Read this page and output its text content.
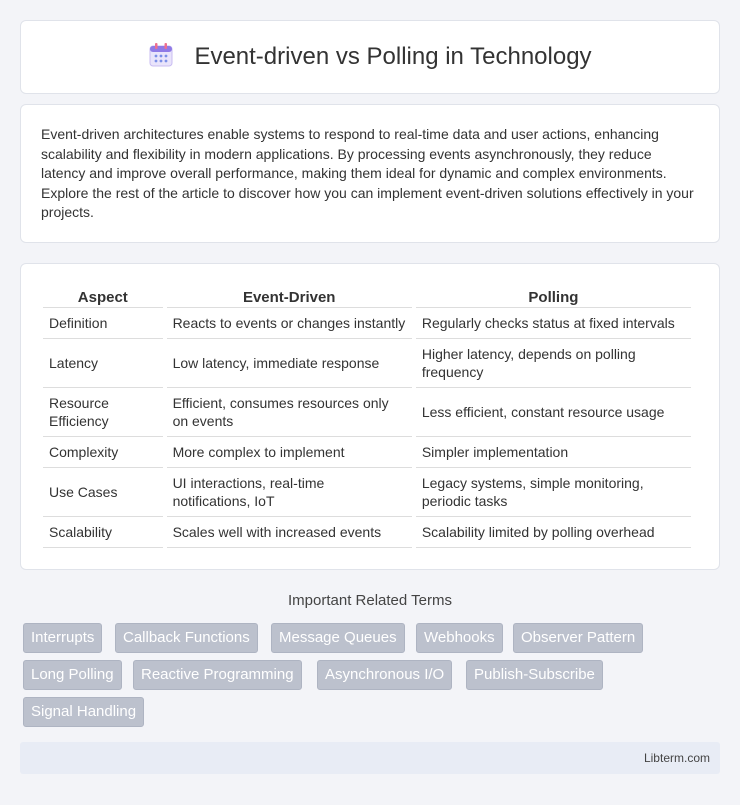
Event-driven vs Polling in Technology

Event-driven architectures enable systems to respond to real-time data and user actions, enhancing scalability and flexibility in modern applications. By processing events asynchronously, they reduce latency and improve overall performance, making them ideal for dynamic and complex environments. Explore the rest of the article to discover how you can implement event-driven solutions effectively in your projects.

Aspect	Event-Driven	Polling
Definition	Reacts to events or changes instantly	Regularly checks status at fixed intervals
Latency	Low latency, immediate response	Higher latency, depends on polling frequency
Resource Efficiency	Efficient, consumes resources only on events	Less efficient, constant resource usage
Complexity	More complex to implement	Simpler implementation
Use Cases	UI interactions, real-time notifications, IoT	Legacy systems, simple monitoring, periodic tasks
Scalability	Scales well with increased events	Scalability limited by polling overhead
Important Related Terms
Interrupts	Callback Functions	Message Queues	Webhooks	Observer Pattern
Long Polling	Reactive Programming	Asynchronous I/O	Publish-Subscribe
Signal Handling
Libterm.com
